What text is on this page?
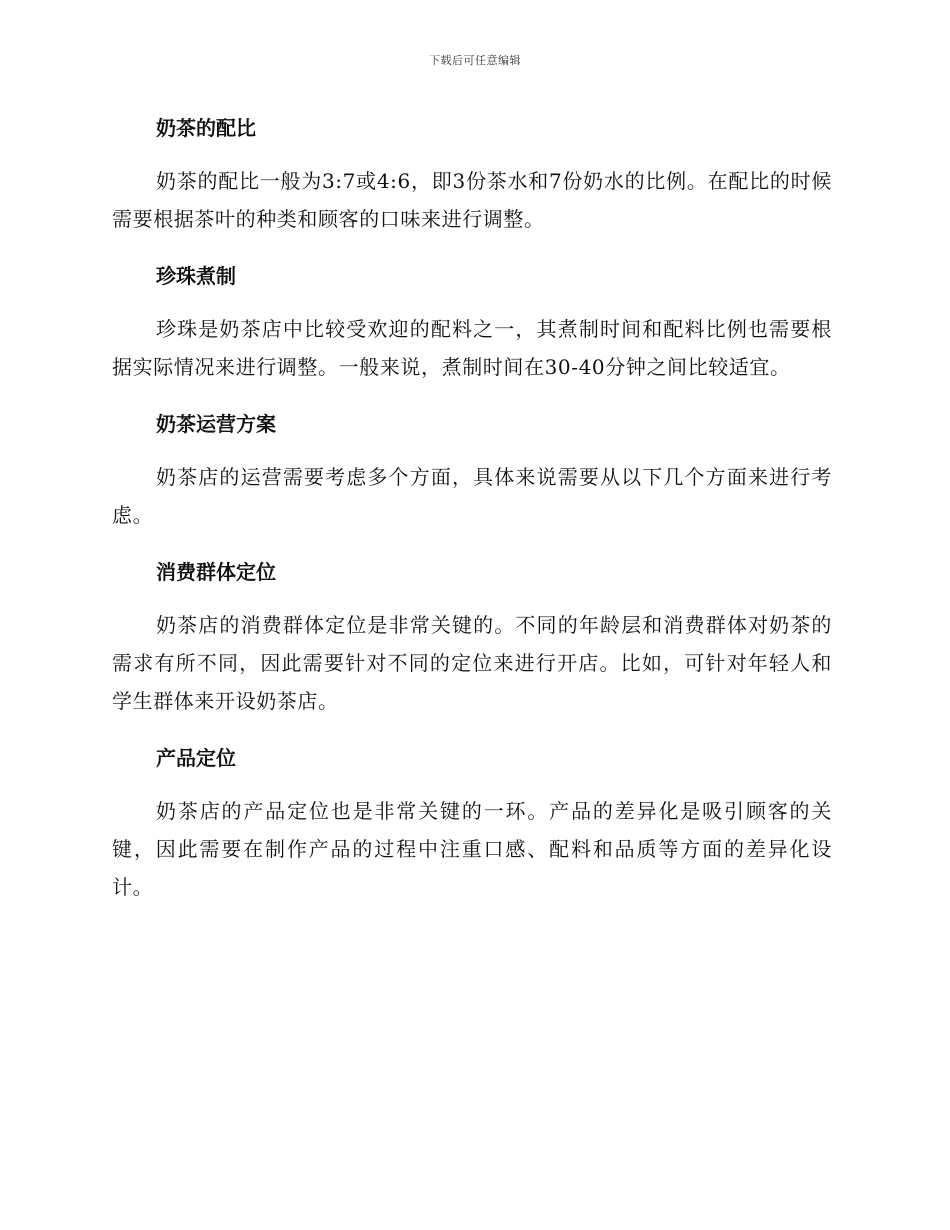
下载后可任意编辑
奶茶的配比

奶茶的配比一般为3:7或4:6，即3份茶水和7份奶水的比例。在配比的时候需要根据茶叶的种类和顾客的口味来进行调整。

珍珠煮制

珍珠是奶茶店中比较受欢迎的配料之一，其煮制时间和配料比例也需要根据实际情况来进行调整。一般来说，煮制时间在30-40分钟之间比较适宜。

奶茶运营方案

奶茶店的运营需要考虑多个方面，具体来说需要从以下几个方面来进行考虑。

消费群体定位

奶茶店的消费群体定位是非常关键的。不同的年龄层和消费群体对奶茶的需求有所不同，因此需要针对不同的定位来进行开店。比如，可针对年轻人和学生群体来开设奶茶店。

产品定位

奶茶店的产品定位也是非常关键的一环。产品的差异化是吸引顾客的关键，因此需要在制作产品的过程中注重口感、配料和品质等方面的差异化设计。
